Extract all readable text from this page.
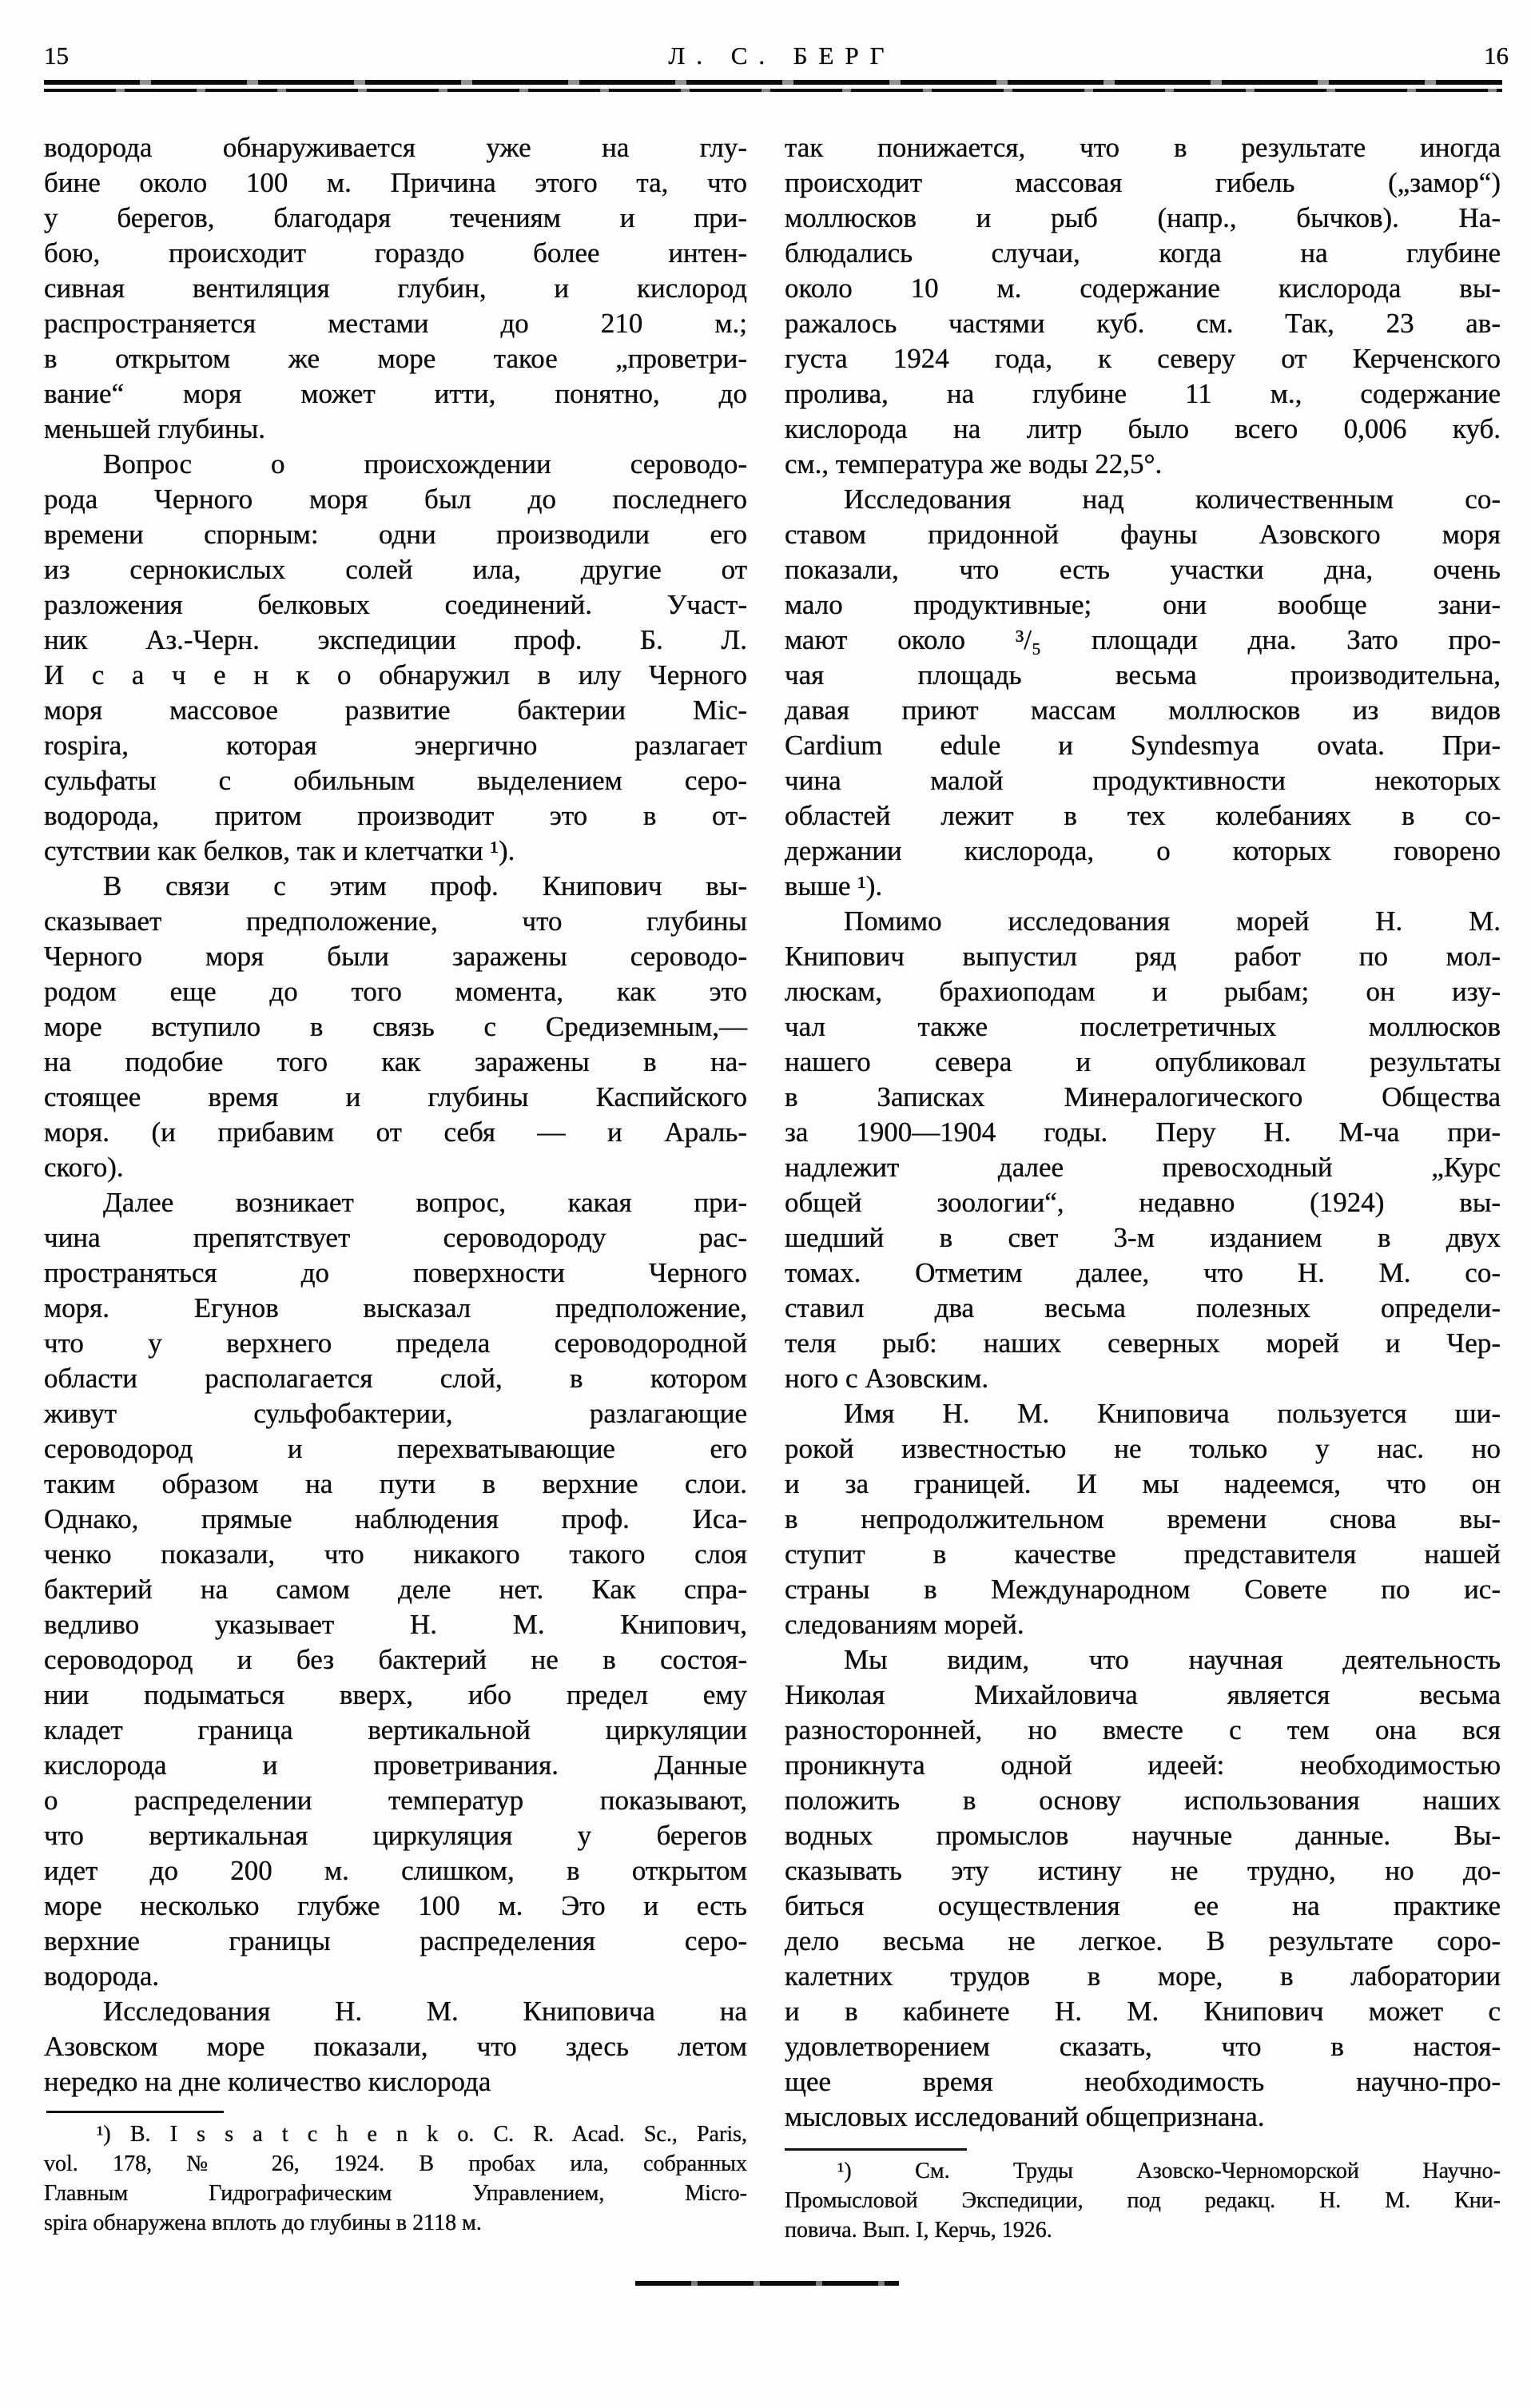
15	Л. С. БЕРГ	16
водорода обнаруживается уже на глу-
бине около 100 м. Причина этого та, что
у берегов, благодаря течениям и при-
бою, происходит гораздо более интен-
сивная вентиляция глубин, и кислород
распространяется местами до 210 м.;
в открытом же море такое „проветри-
вание“ моря может итти, понятно, до
меньшей глубины.
Вопрос о происхождении сероводо-
рода Черного моря был до последнего
времени спорным: одни производили его
из сернокислых солей ила, другие от
разложения белковых соединений. Участ-
ник Аз.-Черн. экспедиции проф. Б. Л.
И с а ч е н к о обнаружил в илу Черного
моря массовое развитие бактерии Mic-
rospira, которая энергично разлагает
сульфаты с обильным выделением серо-
водорода, притом производит это в от-
сутствии как белков, так и клетчатки ¹).
В связи с этим проф. Книпович вы-
сказывает предположение, что глубины
Черного моря были заражены сероводо-
родом еще до того момента, как это
море вступило в связь с Средиземным,—
на подобие того как заражены в на-
стоящее время и глубины Каспийского
моря. (и прибавим от себя — и Араль-
ского).
Далее возникает вопрос, какая при-
чина препятствует сероводороду рас-
пространяться до поверхности Черного
моря. Егунов высказал предположение,
что у верхнего предела сероводородной
области располагается слой, в котором
живут сульфобактерии, разлагающие
сероводород и перехватывающие его
таким образом на пути в верхние слои.
Однако, прямые наблюдения проф. Иса-
ченко показали, что никакого такого слоя
бактерий на самом деле нет. Как спра-
ведливо указывает Н. М. Книпович,
сероводород и без бактерий не в состоя-
нии подыматься вверх, ибо предел ему
кладет граница вертикальной циркуляции
кислорода и проветривания. Данные
о распределении температур показывают,
что вертикальная циркуляция у берегов
идет до 200 м. слишком, в открытом
море несколько глубже 100 м. Это и есть
верхние границы распределения серо-
водорода.
Исследования Н. М. Книповича на
Азовском море показали, что здесь летом
нередко на дне количество кислорода
так понижается, что в результате иногда
происходит массовая гибель („замор“)
моллюсков и рыб (напр., бычков). На-
блюдались случаи, когда на глубине
около 10 м. содержание кислорода вы-
ражалось частями куб. см. Так, 23 ав-
густа 1924 года, к северу от Керченского
пролива, на глубине 11 м., содержание
кислорода на литр было всего 0,006 куб.
см., температура же воды 22,5°.
Исследования над количественным со-
ставом придонной фауны Азовского моря
показали, что есть участки дна, очень
мало продуктивные; они вообще зани-
мают около ³/₅ площади дна. Зато про-
чая площадь весьма производительна,
давая приют массам моллюсков из видов
Cardium edule и Syndesmya ovata. При-
чина малой продуктивности некоторых
областей лежит в тех колебаниях в со-
держании кислорода, о которых говорено
выше ¹).
Помимо исследования морей Н. М.
Книпович выпустил ряд работ по мол-
люскам, брахиоподам и рыбам; он изу-
чал также послетретичных моллюсков
нашего севера и опубликовал результаты
в Записках Минералогического Общества
за 1900—1904 годы. Перу Н. М-ча при-
надлежит далее превосходный „Курс
общей зоологии“, недавно (1924) вы-
шедший в свет 3-м изданием в двух
томах. Отметим далее, что Н. М. со-
ставил два весьма полезных определи-
теля рыб: наших северных морей и Чер-
ного с Азовским.
Имя Н. М. Книповича пользуется ши-
рокой известностью не только у нас. но
и за границей. И мы надеемся, что он
в непродолжительном времени снова вы-
ступит в качестве представителя нашей
страны в Международном Совете по ис-
следованиям морей.
Мы видим, что научная деятельность
Николая Михайловича является весьма
разносторонней, но вместе с тем она вся
проникнута одной идеей: необходимостью
положить в основу использования наших
водных промыслов научные данные. Вы-
сказывать эту истину не трудно, но до-
биться осуществления ее на практике
дело весьма не легкое. В результате соро-
калетних трудов в море, в лаборатории
и в кабинете Н. М. Книпович может с
удовлетворением сказать, что в настоя-
щее время необходимость научно-про-
мысловых исследований общепризнана.
¹) B. I s s a t c h e n k o. C. R. Acad. Sc., Paris,
vol. 178, № 26, 1924. В пробах ила, собранных
Главным Гидрографическим Управлением, Micro-
spira обнаружена вплоть до глубины в 2118 м.
¹) См. Труды Азовско-Черноморской Научно-
Промысловой Экспедиции, под редакц. Н. М. Кни-
повича. Вып. I, Керчь, 1926.
